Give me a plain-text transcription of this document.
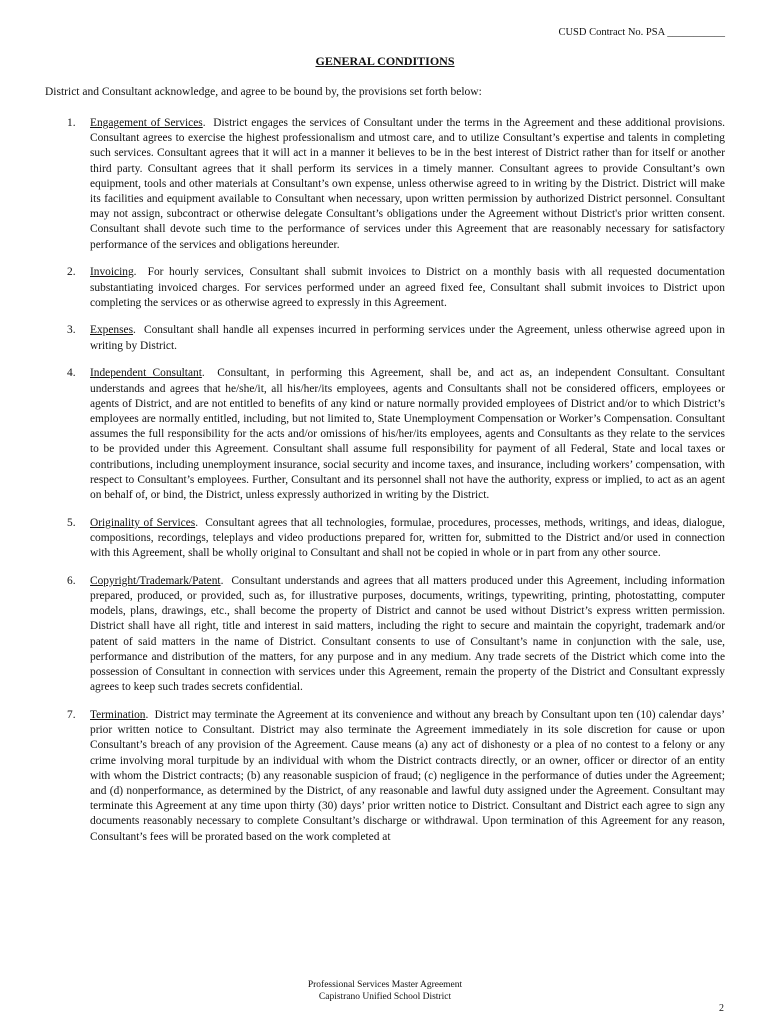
CUSD Contract No. PSA ___________
GENERAL CONDITIONS
District and Consultant acknowledge, and agree to be bound by, the provisions set forth below:
1. Engagement of Services.  District engages the services of Consultant under the terms in the Agreement and these additional provisions. Consultant agrees to exercise the highest professionalism and utmost care, and to utilize Consultant’s expertise and talents in completing such services. Consultant agrees that it will act in a manner it believes to be in the best interest of District rather than for itself or another third party. Consultant agrees that it shall perform its services in a timely manner. Consultant agrees to provide Consultant’s own equipment, tools and other materials at Consultant’s own expense, unless otherwise agreed to in writing by the District. District will make its facilities and equipment available to Consultant when necessary, upon written permission by authorized District personnel. Consultant may not assign, subcontract or otherwise delegate Consultant’s obligations under the Agreement without District's prior written consent. Consultant shall devote such time to the performance of services under this Agreement that are reasonably necessary for satisfactory performance of the services and obligations hereunder.
2. Invoicing.  For hourly services, Consultant shall submit invoices to District on a monthly basis with all requested documentation substantiating invoiced charges. For services performed under an agreed fixed fee, Consultant shall submit invoices to District upon completing the services or as otherwise agreed to expressly in this Agreement.
3. Expenses.  Consultant shall handle all expenses incurred in performing services under the Agreement, unless otherwise agreed upon in writing by District.
4. Independent Consultant.  Consultant, in performing this Agreement, shall be, and act as, an independent Consultant. Consultant understands and agrees that he/she/it, all his/her/its employees, agents and Consultants shall not be considered officers, employees or agents of District, and are not entitled to benefits of any kind or nature normally provided employees of District and/or to which District’s employees are normally entitled, including, but not limited to, State Unemployment Compensation or Worker’s Compensation. Consultant assumes the full responsibility for the acts and/or omissions of his/her/its employees, agents and Consultants as they relate to the services to be provided under this Agreement. Consultant shall assume full responsibility for payment of all Federal, State and local taxes or contributions, including unemployment insurance, social security and income taxes, and insurance, including workers’ compensation, with respect to Consultant’s employees. Further, Consultant and its personnel shall not have the authority, express or implied, to act as an agent on behalf of, or bind, the District, unless expressly authorized in writing by the District.
5. Originality of Services.  Consultant agrees that all technologies, formulae, procedures, processes, methods, writings, and ideas, dialogue, compositions, recordings, teleplays and video productions prepared for, written for, submitted to the District and/or used in connection with this Agreement, shall be wholly original to Consultant and shall not be copied in whole or in part from any other source.
6. Copyright/Trademark/Patent.  Consultant understands and agrees that all matters produced under this Agreement, including information prepared, produced, or provided, such as, for illustrative purposes, documents, writings, typewriting, printing, photostatting, computer models, plans, drawings, etc., shall become the property of District and cannot be used without District’s express written permission. District shall have all right, title and interest in said matters, including the right to secure and maintain the copyright, trademark and/or patent of said matters in the name of District. Consultant consents to use of Consultant’s name in conjunction with the sale, use, performance and distribution of the matters, for any purpose and in any medium. Any trade secrets of the District which come into the possession of Consultant in connection with services under this Agreement, remain the property of the District and Consultant expressly agrees to keep such trades secrets confidential.
7. Termination.  District may terminate the Agreement at its convenience and without any breach by Consultant upon ten (10) calendar days’ prior written notice to Consultant. District may also terminate the Agreement immediately in its sole discretion for cause or upon Consultant’s breach of any provision of the Agreement. Cause means (a) any act of dishonesty or a plea of no contest to a felony or any crime involving moral turpitude by an individual with whom the District contracts directly, or an owner, officer or director of an entity with whom the District contracts; (b) any reasonable suspicion of fraud; (c) negligence in the performance of duties under the Agreement; and (d) nonperformance, as determined by the District, of any reasonable and lawful duty assigned under the Agreement. Consultant may terminate this Agreement at any time upon thirty (30) days’ prior written notice to District. Consultant and District each agree to sign any documents reasonably necessary to complete Consultant’s discharge or withdrawal. Upon termination of this Agreement for any reason, Consultant’s fees will be prorated based on the work completed at
Professional Services Master Agreement
Capistrano Unified School District
2
